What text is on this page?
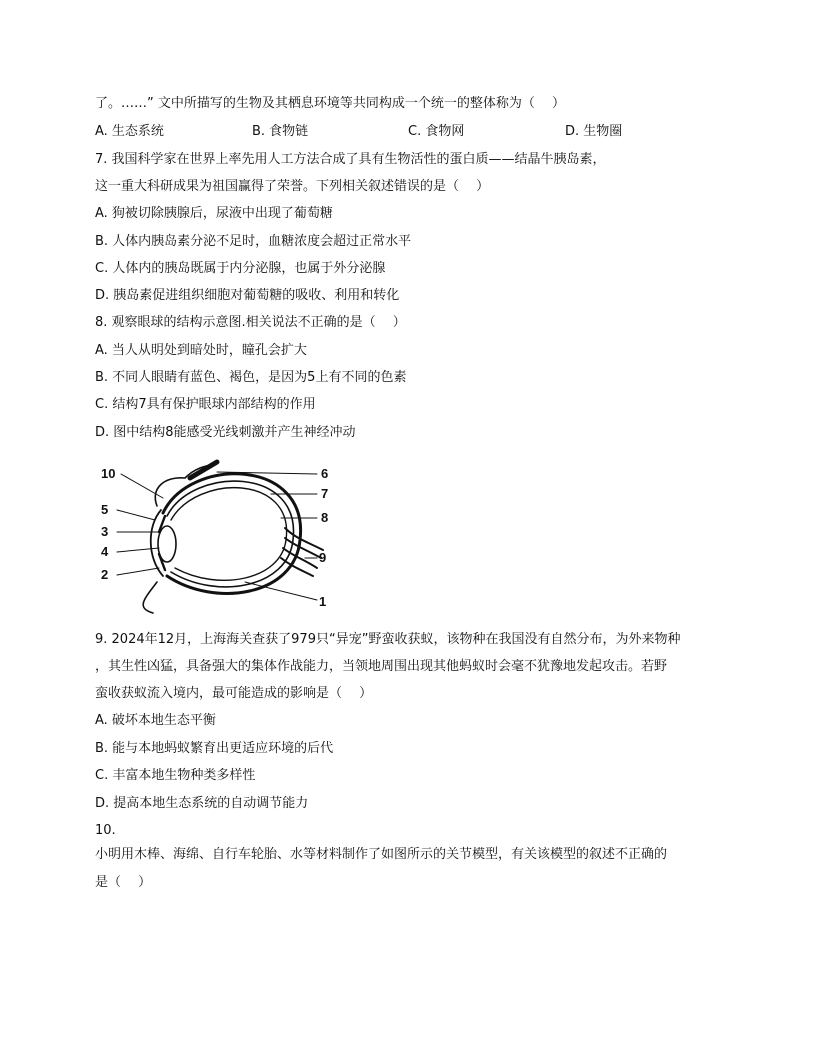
了。……” 文中所描写的生物及其栖息环境等共同构成一个统一的整体称为（　 ）
A. 生态系统	B. 食物链	C. 食物网	D. 生物圈
7. 我国科学家在世界上率先用人工方法合成了具有生物活性的蛋白质——结晶牛胰岛素，
这一重大科研成果为祖国赢得了荣誉。下列相关叙述错误的是（　 ）
A. 狗被切除胰腺后，尿液中出现了葡萄糖
B. 人体内胰岛素分泌不足时，血糖浓度会超过正常水平
C. 人体内的胰岛既属于内分泌腺，也属于外分泌腺
D. 胰岛素促进组织细胞对葡萄糖的吸收、利用和转化
8. 观察眼球的结构示意图.相关说法不正确的是（　 ）
A. 当人从明处到暗处时，瞳孔会扩大
B. 不同人眼睛有蓝色、褐色，是因为5上有不同的色素
C. 结构7具有保护眼球内部结构的作用
D. 图中结构8能感受光线刺激并产生神经冲动
10
5
3
4
2
6
7
8
9
1
9. 2024年12月，上海海关查获了979只“异宠”野蛮收获蚁，该物种在我国没有自然分布，为外来物种
，其生性凶猛，具备强大的集体作战能力，当领地周围出现其他蚂蚁时会毫不犹豫地发起攻击。若野
蛮收获蚁流入境内，最可能造成的影响是（　 ）
A. 破坏本地生态平衡
B. 能与本地蚂蚁繁育出更适应环境的后代
C. 丰富本地生物种类多样性
D. 提高本地生态系统的自动调节能力
10.
小明用木棒、海绵、自行车轮胎、水等材料制作了如图所示的关节模型，有关该模型的叙述不正确的
是（　 ）
